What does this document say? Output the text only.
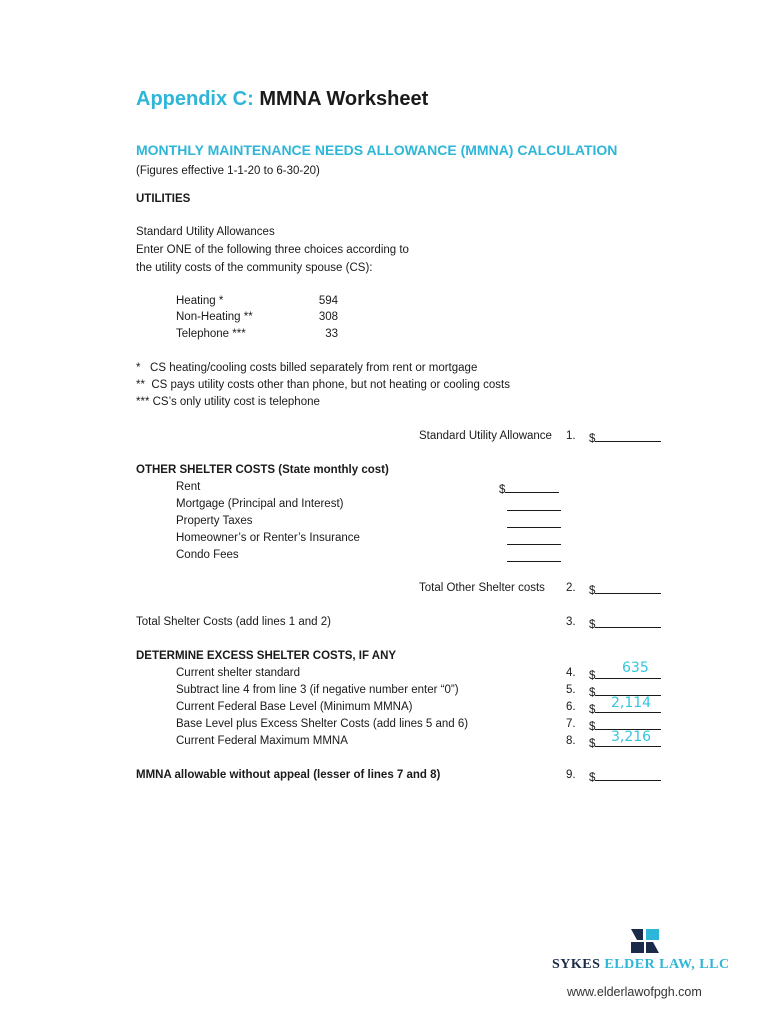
Appendix C: MMNA Worksheet
MONTHLY MAINTENANCE NEEDS ALLOWANCE (MMNA) CALCULATION
(Figures effective 1-1-20 to 6-30-20)
UTILITIES
Standard Utility Allowances
Enter ONE of the following three choices according to
the utility costs of the community spouse (CS):
Heating *	594
Non-Heating **	308
Telephone ***	33
*   CS heating/cooling costs billed separately from rent or mortgage
**  CS pays utility costs other than phone, but not heating or cooling costs
*** CS’s only utility cost is telephone
Standard Utility Allowance 1. $
OTHER SHELTER COSTS (State monthly cost)
Rent
Mortgage (Principal and Interest)
Property Taxes
Homeowner’s or Renter’s Insurance
Condo Fees
$
Total Other Shelter costs 2. $
Total Shelter Costs (add lines 1 and 2)	3. $
DETERMINE EXCESS SHELTER COSTS, IF ANY
Current shelter standard	4. $	635
Subtract line 4 from line 3 (if negative number enter “0”)	5. $
Current Federal Base Level (Minimum MMNA)	6. $	2,114
Base Level plus Excess Shelter Costs (add lines 5 and 6)	7. $
Current Federal Maximum MMNA	8. $	3,216
MMNA allowable without appeal (lesser of lines 7 and 8)	9. $
SYKES ELDER LAW, LLC
www.elderlawofpgh.com
